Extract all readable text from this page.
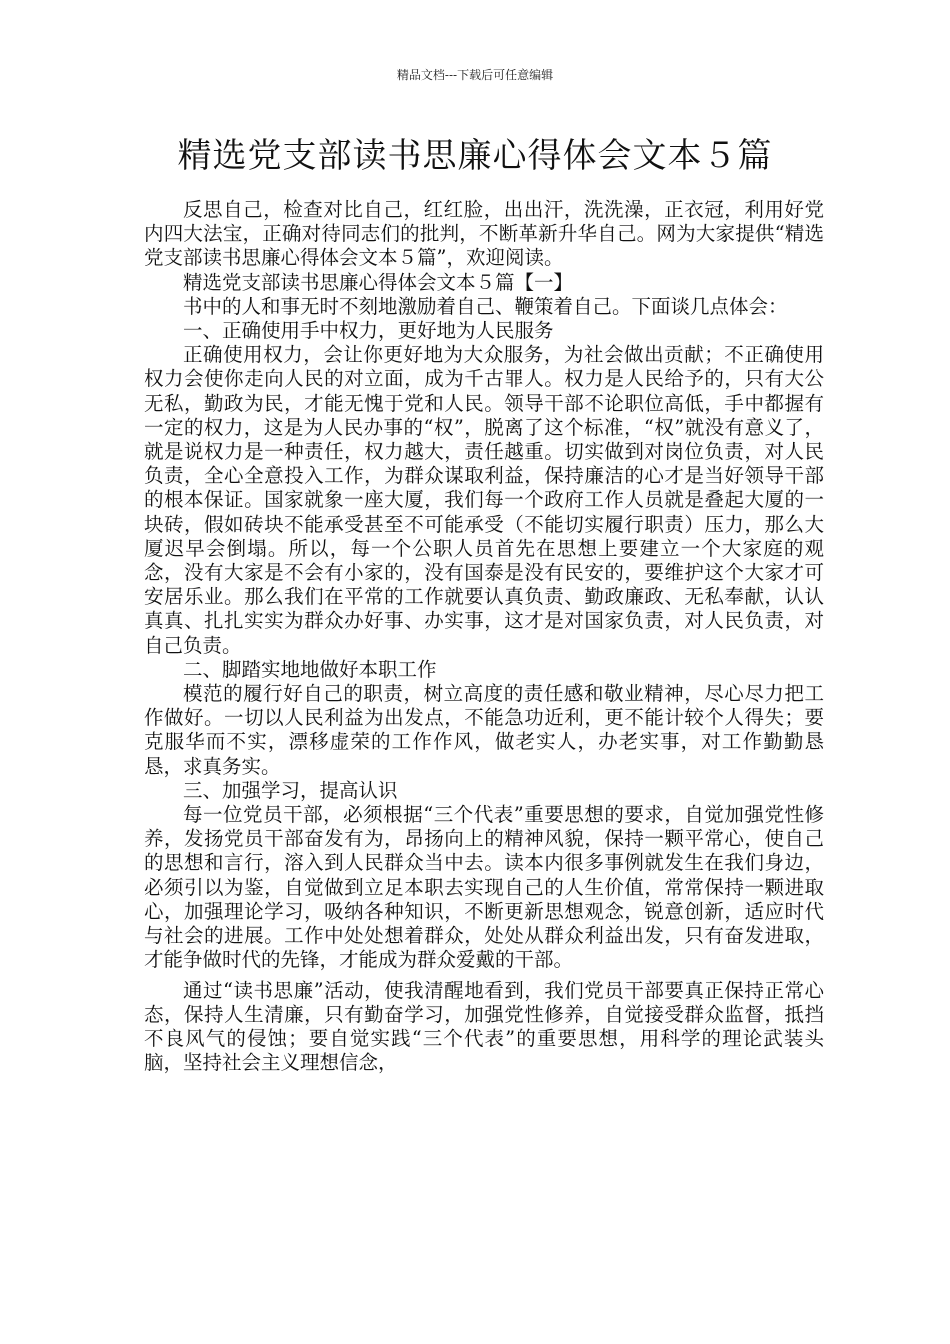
精品文档---下载后可任意编辑
精选党支部读书思廉心得体会文本５篇

反思自己，检查对比自己，红红脸，出出汗，洗洗澡，正衣冠，利用好党内四大法宝，正确对待同志们的批判，不断革新升华自己。网为大家提供“精选党支部读书思廉心得体会文本５篇”，欢迎阅读。

精选党支部读书思廉心得体会文本５篇【一】

书中的人和事无时不刻地激励着自己、鞭策着自己。下面谈几点体会：

一、正确使用手中权力，更好地为人民服务

正确使用权力，会让你更好地为大众服务，为社会做出贡献；不正确使用权力会使你走向人民的对立面，成为千古罪人。权力是人民给予的，只有大公无私，勤政为民，才能无愧于党和人民。领导干部不论职位高低，手中都握有一定的权力，这是为人民办事的“权”，脱离了这个标准，“权”就没有意义了，就是说权力是一种责任，权力越大，责任越重。切实做到对岗位负责，对人民负责，全心全意投入工作，为群众谋取利益，保持廉洁的心才是当好领导干部的根本保证。国家就象一座大厦，我们每一个政府工作人员就是叠起大厦的一块砖，假如砖块不能承受甚至不可能承受（不能切实履行职责）压力，那么大厦迟早会倒塌。所以，每一个公职人员首先在思想上要建立一个大家庭的观念，没有大家是不会有小家的，没有国泰是没有民安的，要维护这个大家才可安居乐业。那么我们在平常的工作就要认真负责、勤政廉政、无私奉献，认认真真、扎扎实实为群众办好事、办实事，这才是对国家负责，对人民负责，对自己负责。

二、脚踏实地地做好本职工作

模范的履行好自己的职责，树立高度的责任感和敬业精神，尽心尽力把工作做好。一切以人民利益为出发点，不能急功近利，更不能计较个人得失；要克服华而不实，漂移虚荣的工作作风，做老实人，办老实事，对工作勤勤恳恳，求真务实。

三、加强学习，提高认识

每一位党员干部，必须根据“三个代表”重要思想的要求，自觉加强党性修养，发扬党员干部奋发有为，昂扬向上的精神风貌，保持一颗平常心，使自己的思想和言行，溶入到人民群众当中去。读本内很多事例就发生在我们身边，必须引以为鉴，自觉做到立足本职去实现自己的人生价值，常常保持一颗进取心，加强理论学习，吸纳各种知识，不断更新思想观念，锐意创新，适应时代与社会的进展。工作中处处想着群众，处处从群众利益出发，只有奋发进取，才能争做时代的先锋，才能成为群众爱戴的干部。

通过“读书思廉”活动，使我清醒地看到，我们党员干部要真正保持正常心态，保持人生清廉，只有勤奋学习，加强党性修养，自觉接受群众监督，抵挡不良风气的侵蚀；要自觉实践“三个代表”的重要思想，用科学的理论武装头脑，坚持社会主义理想信念，
